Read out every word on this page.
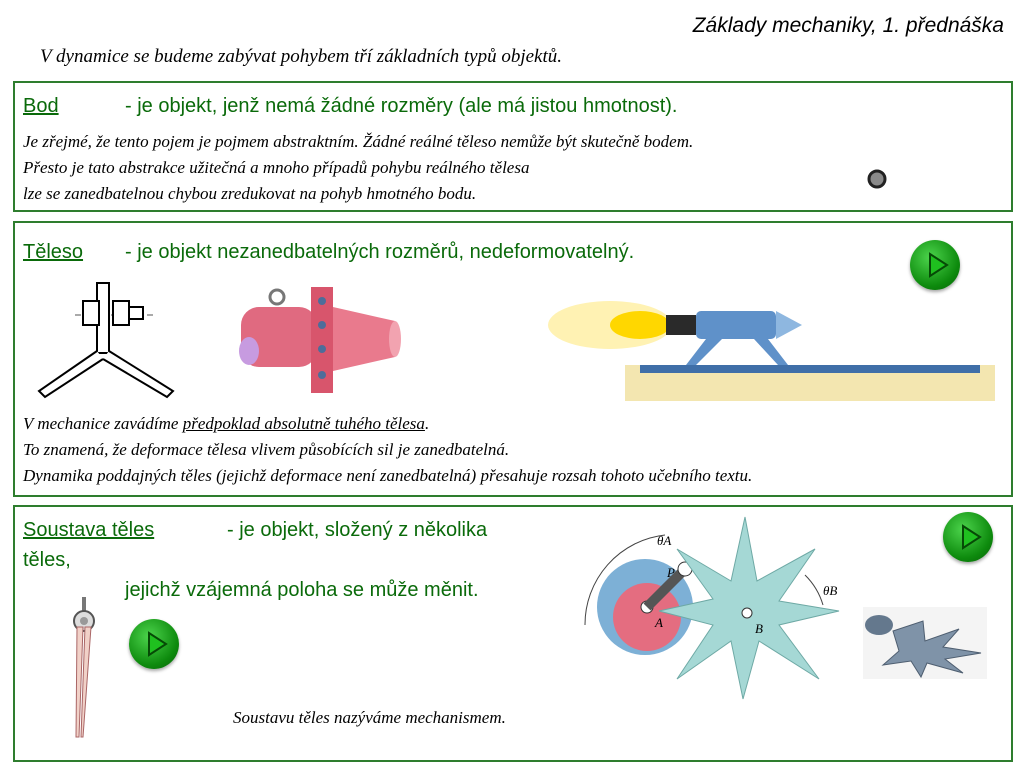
Základy mechaniky, 1. přednáška
V dynamice se budeme zabývat pohybem tří základních typů objektů.
Bod	- je objekt, jenž nemá žádné rozměry (ale má jistou hmotnost).
Je zřejmé, že tento pojem je pojmem abstraktním. Žádné reálné těleso nemůže být skutečně bodem.
Přesto je tato abstrakce užitečná a mnoho případů pohybu reálného tělesa
lze se zanedbatelnou chybou zredukovat na pohyb hmotného bodu.
Těleso - je objekt nezanedbatelných rozměrů, nedeformovatelný.
V mechanice zavádíme předpoklad absolutně tuhého tělesa.
To znamená, že deformace tělesa vlivem působících sil je zanedbatelná.
Dynamika poddajných těles (jejichž deformace není zanedbatelná) přesahuje rozsah tohoto učebního textu.
Soustava těles	- je objekt, složený z několika
těles,
jejichž vzájemná poloha se může měnit.
θA
θB
P
A	B
Soustavu těles nazýváme mechanismem.
